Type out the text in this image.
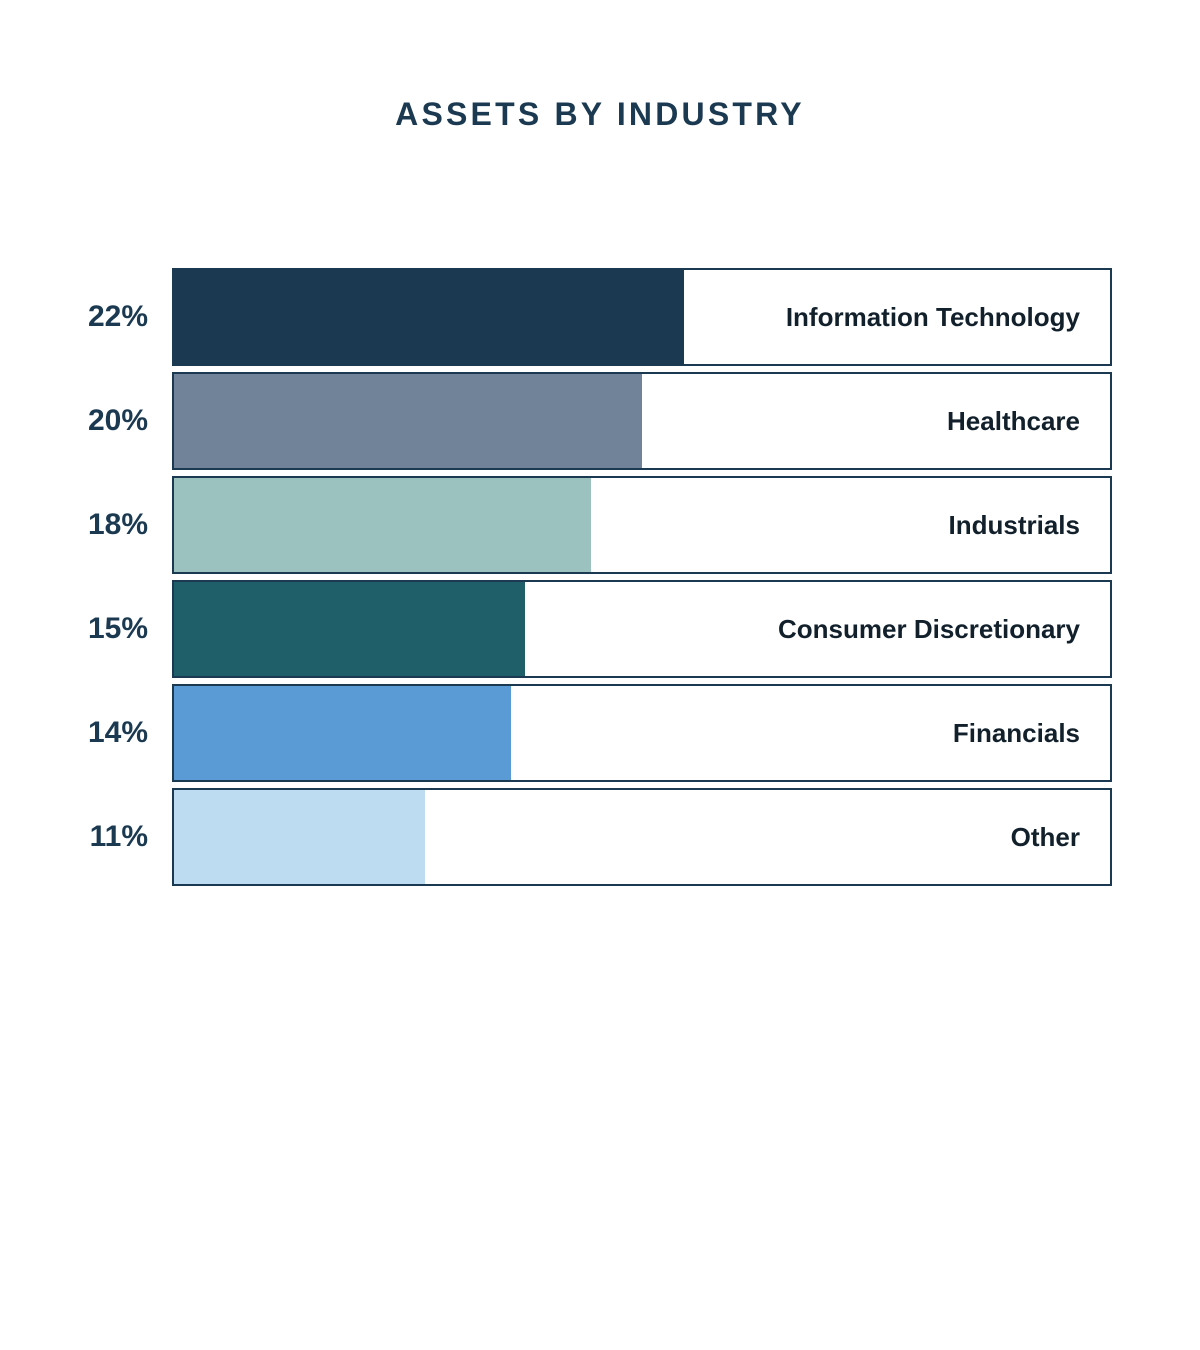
ASSETS BY INDUSTRY
22%	Information Technology
20%	Healthcare
18%	Industrials
15%	Consumer Discretionary
14%	Financials
11%	Other
